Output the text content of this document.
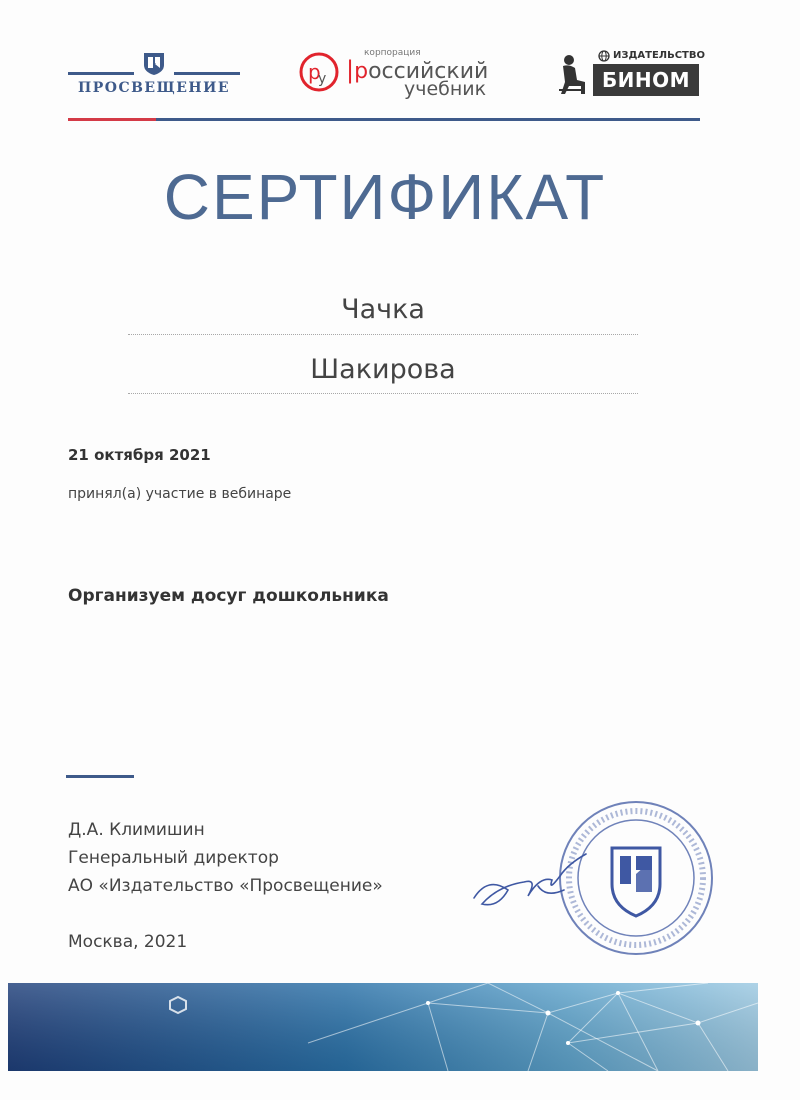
ПРОСВЕЩЕНИЕ
р
у
корпорация
|российский
учебник
ИЗДАТЕЛЬСТВО
БИНОМ
СЕРТИФИКАТ
Чачка
Шакирова
21 октября 2021
принял(а) участие в вебинаре
Организуем досуг дошкольника
Д.А. Климишин
Генеральный директор
АО «Издательство «Просвещение»
Москва, 2021
